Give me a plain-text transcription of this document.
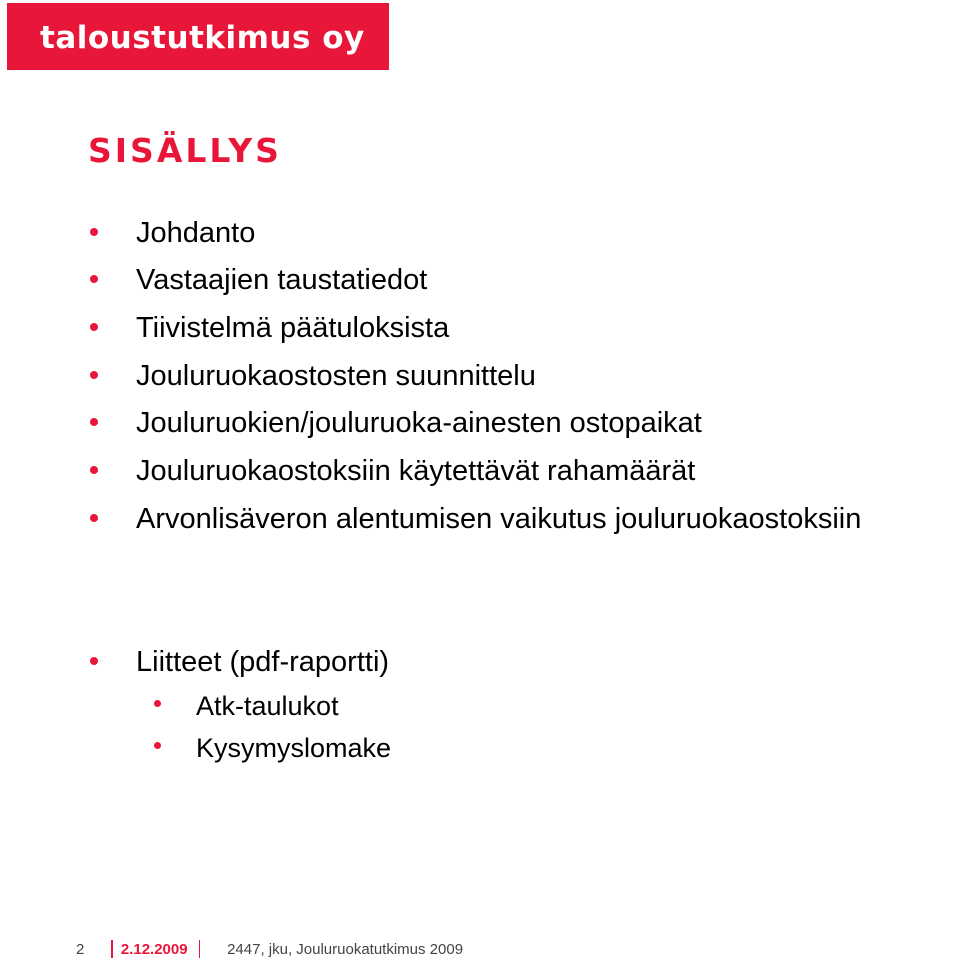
taloustutkimus oy
SISÄLLYS
Johdanto
Vastaajien taustatiedot
Tiivistelmä päätuloksista
Jouluruokaostosten suunnittelu
Jouluruokien/jouluruoka-ainesten ostopaikat
Jouluruokaostoksiin käytettävät rahamäärät
Arvonlisäveron alentumisen vaikutus jouluruokaostoksiin
Liitteet (pdf-raportti)
Atk-taulukot
Kysymyslomake
2 2.12.2009	2447, jku, Jouluruokatutkimus 2009
